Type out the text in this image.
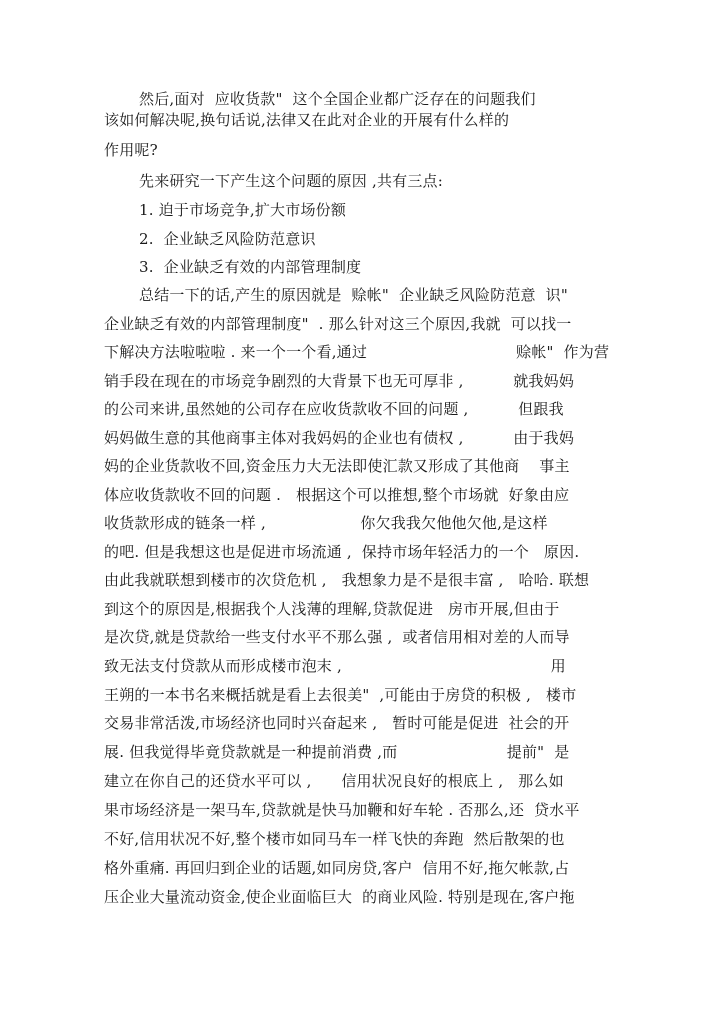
然后,面对  应收货款"  这个全国企业都广泛存在的问题我们
该如何解决呢,换句话说,法律又在此对企业的开展有什么样的
作用呢?
先来研究一下产生这个问题的原因 ,共有三点:
1. 迫于市场竞争,扩大市场份额
2.  企业缺乏风险防范意识
3.  企业缺乏有效的内部管理制度
总结一下的话,产生的原因就是  赊帐"  企业缺乏风险防范意  识"
企业缺乏有效的内部管理制度"  . 那么针对这三个原因,我就  可以找一
下解决方法啦啦啦 . 来一个一个看,通过                              赊帐"  作为营
销手段在现在的市场竞争剧烈的大背景下也无可厚非 ,          就我妈妈
的公司来讲,虽然她的公司存在应收货款收不回的问题 ,          但跟我
妈妈做生意的其他商事主体对我妈妈的企业也有债权 ,          由于我妈
妈的企业货款收不回,资金压力大无法即使汇款又形成了其他商    事主
体应收货款收不回的问题 .   根据这个可以推想,整个市场就  好象由应
收货款形成的链条一样 ,                   你欠我我欠他他欠他,是这样
的吧. 但是我想这也是促进市场流通 ,  保持市场年轻活力的一个   原因.
由此我就联想到楼市的次贷危机 ,   我想象力是不是很丰富 ,   哈哈. 联想
到这个的原因是,根据我个人浅薄的理解,贷款促进   房市开展,但由于
是次贷,就是贷款给一些支付水平不那么强 ,  或者信用相对差的人而导
致无法支付贷款从而形成楼市泡末 ,                                          用
王朔的一本书名来概括就是看上去很美"  ,可能由于房贷的积极 ,   楼市
交易非常活泼,市场经济也同时兴奋起来 ,   暂时可能是促进  社会的开
展. 但我觉得毕竟贷款就是一种提前消费 ,而                      提前"  是
建立在你自己的还贷水平可以 ,      信用状况良好的根底上 ,   那么如
果市场经济是一架马车,贷款就是快马加鞭和好车轮 . 否那么,还  贷水平
不好,信用状况不好,整个楼市如同马车一样飞快的奔跑  然后散架的也
格外重痛. 再回归到企业的话题,如同房贷,客户  信用不好,拖欠帐款,占
压企业大量流动资金,使企业面临巨大  的商业风险. 特别是现在,客户拖
